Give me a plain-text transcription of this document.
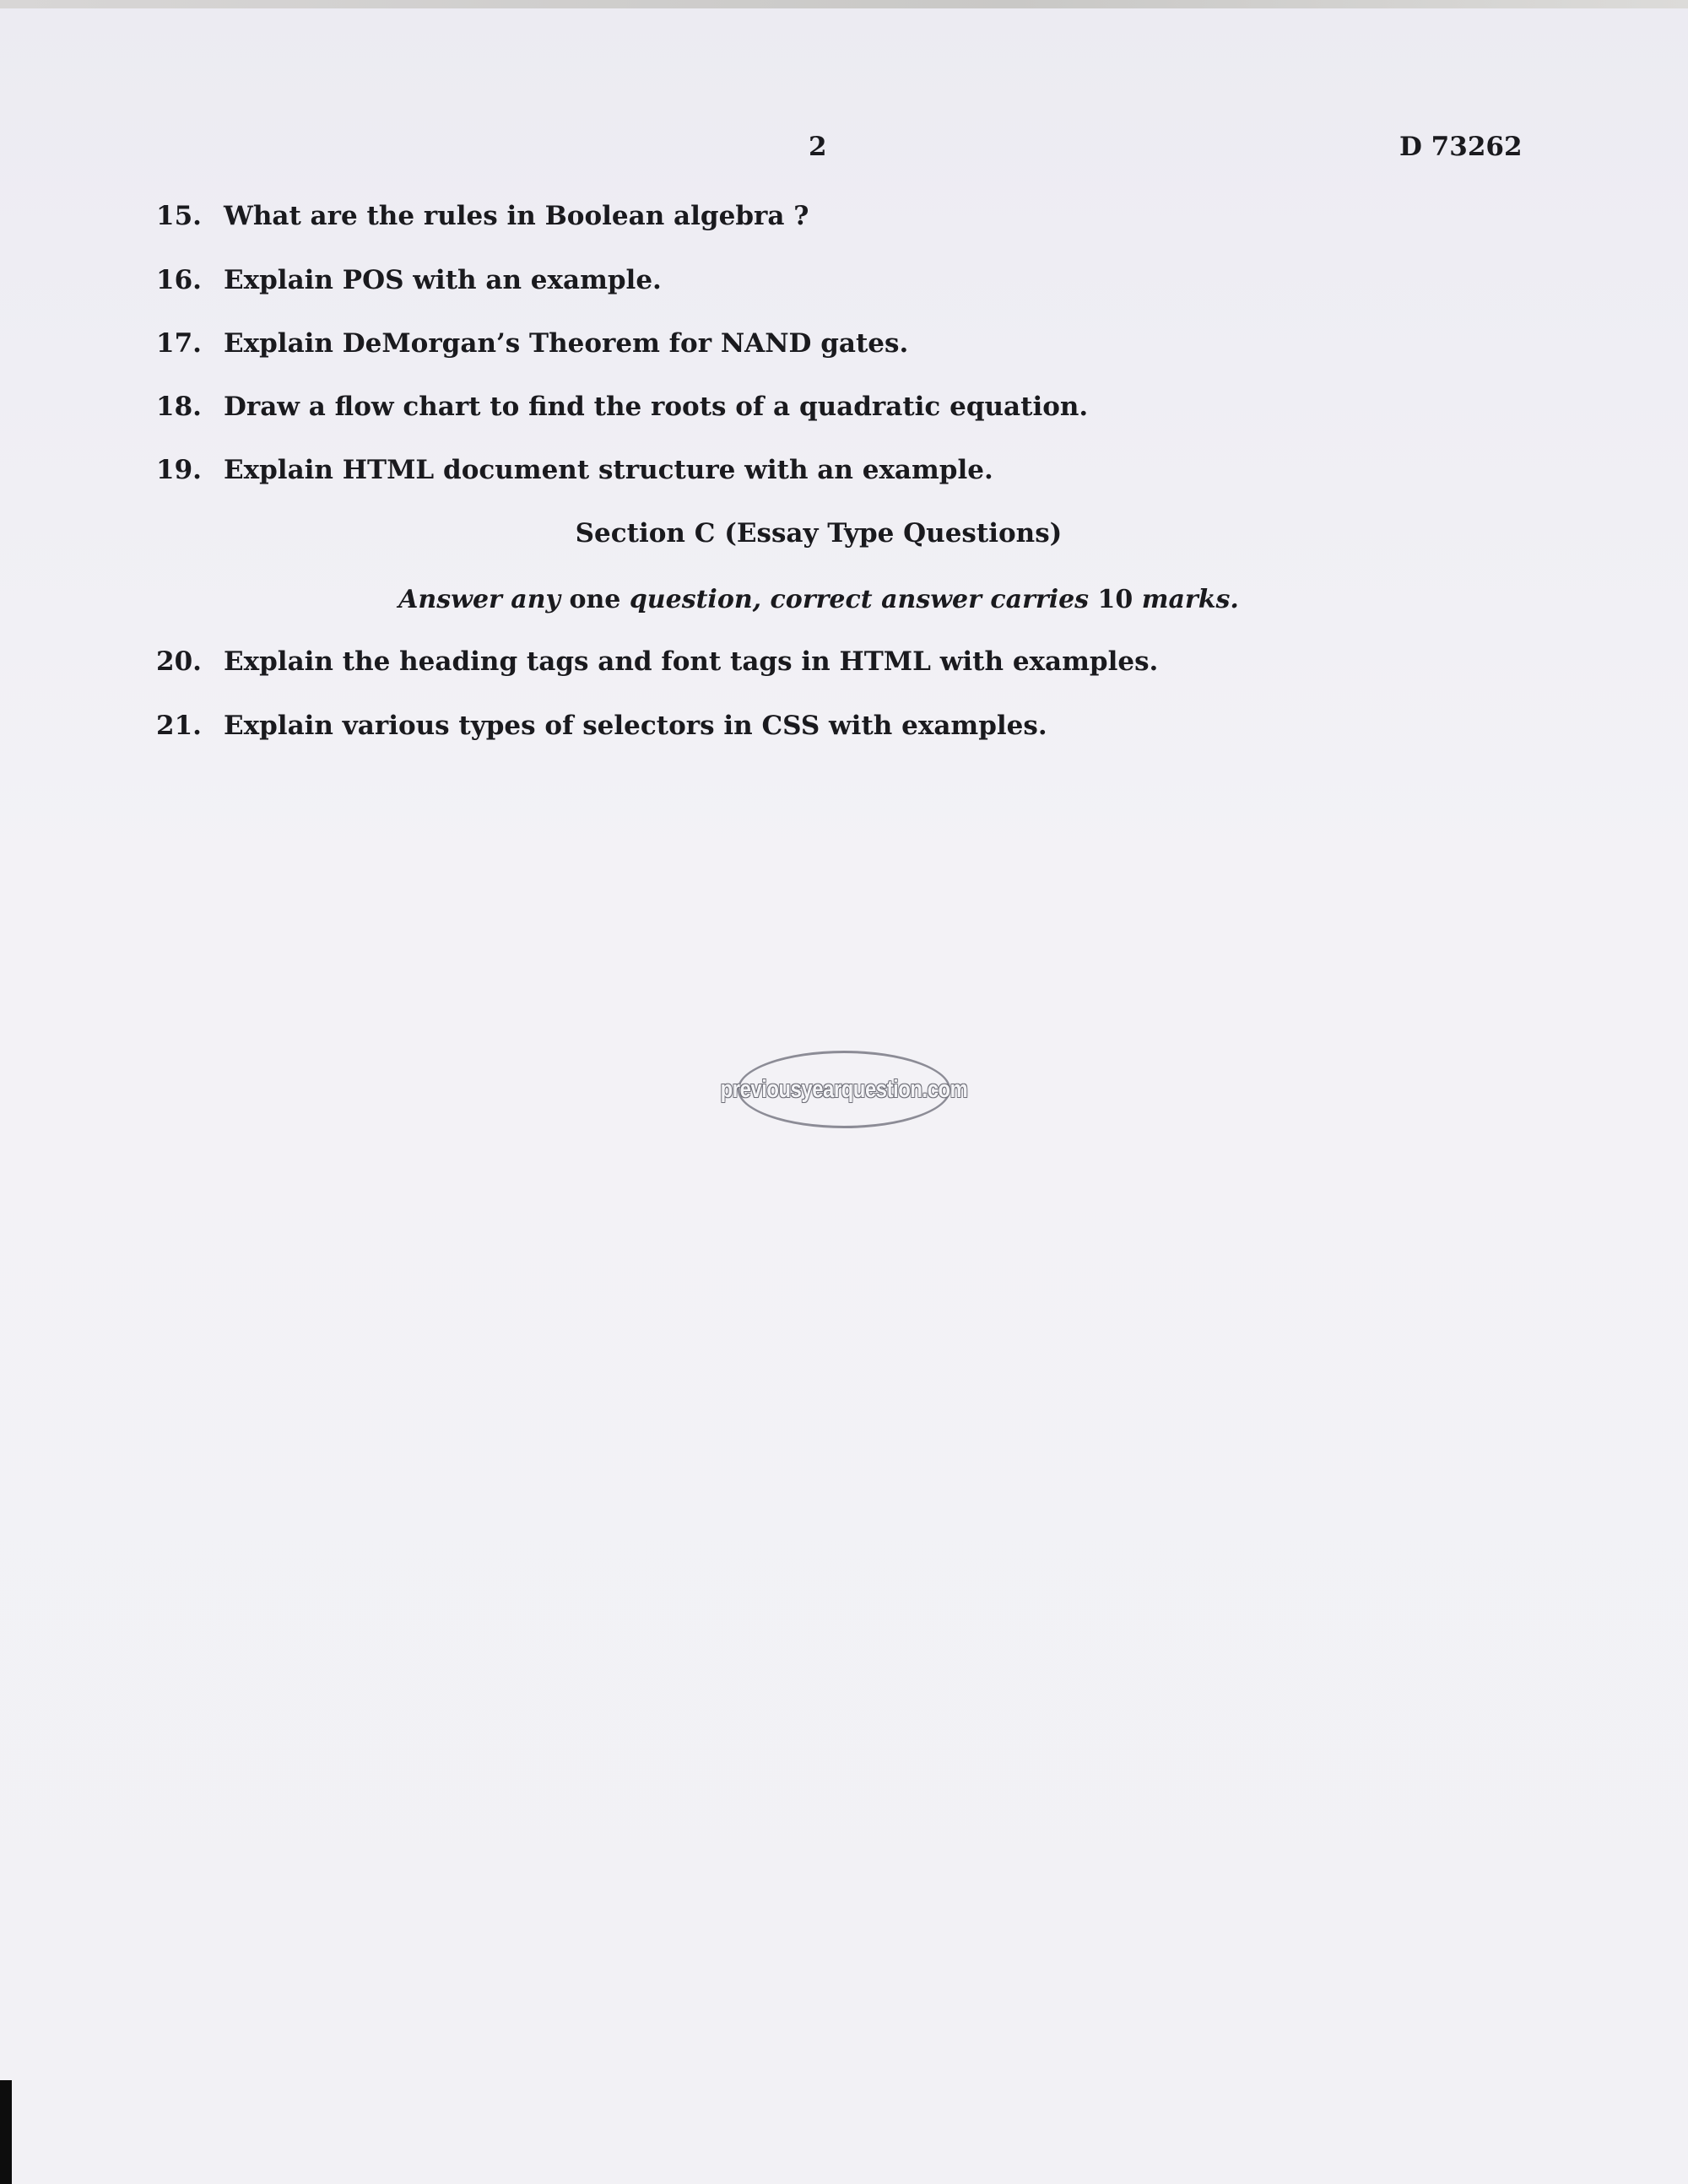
2	D 73262
15. What are the rules in Boolean algebra ?
16. Explain POS with an example.
17. Explain DeMorgan’s Theorem for NAND gates.
18. Draw a flow chart to find the roots of a quadratic equation.
19. Explain HTML document structure with an example.
Section C (Essay Type Questions)
Answer any one question, correct answer carries 10 marks.
20. Explain the heading tags and font tags in HTML with examples.
21. Explain various types of selectors in CSS with examples.
previousyearquestion.com
